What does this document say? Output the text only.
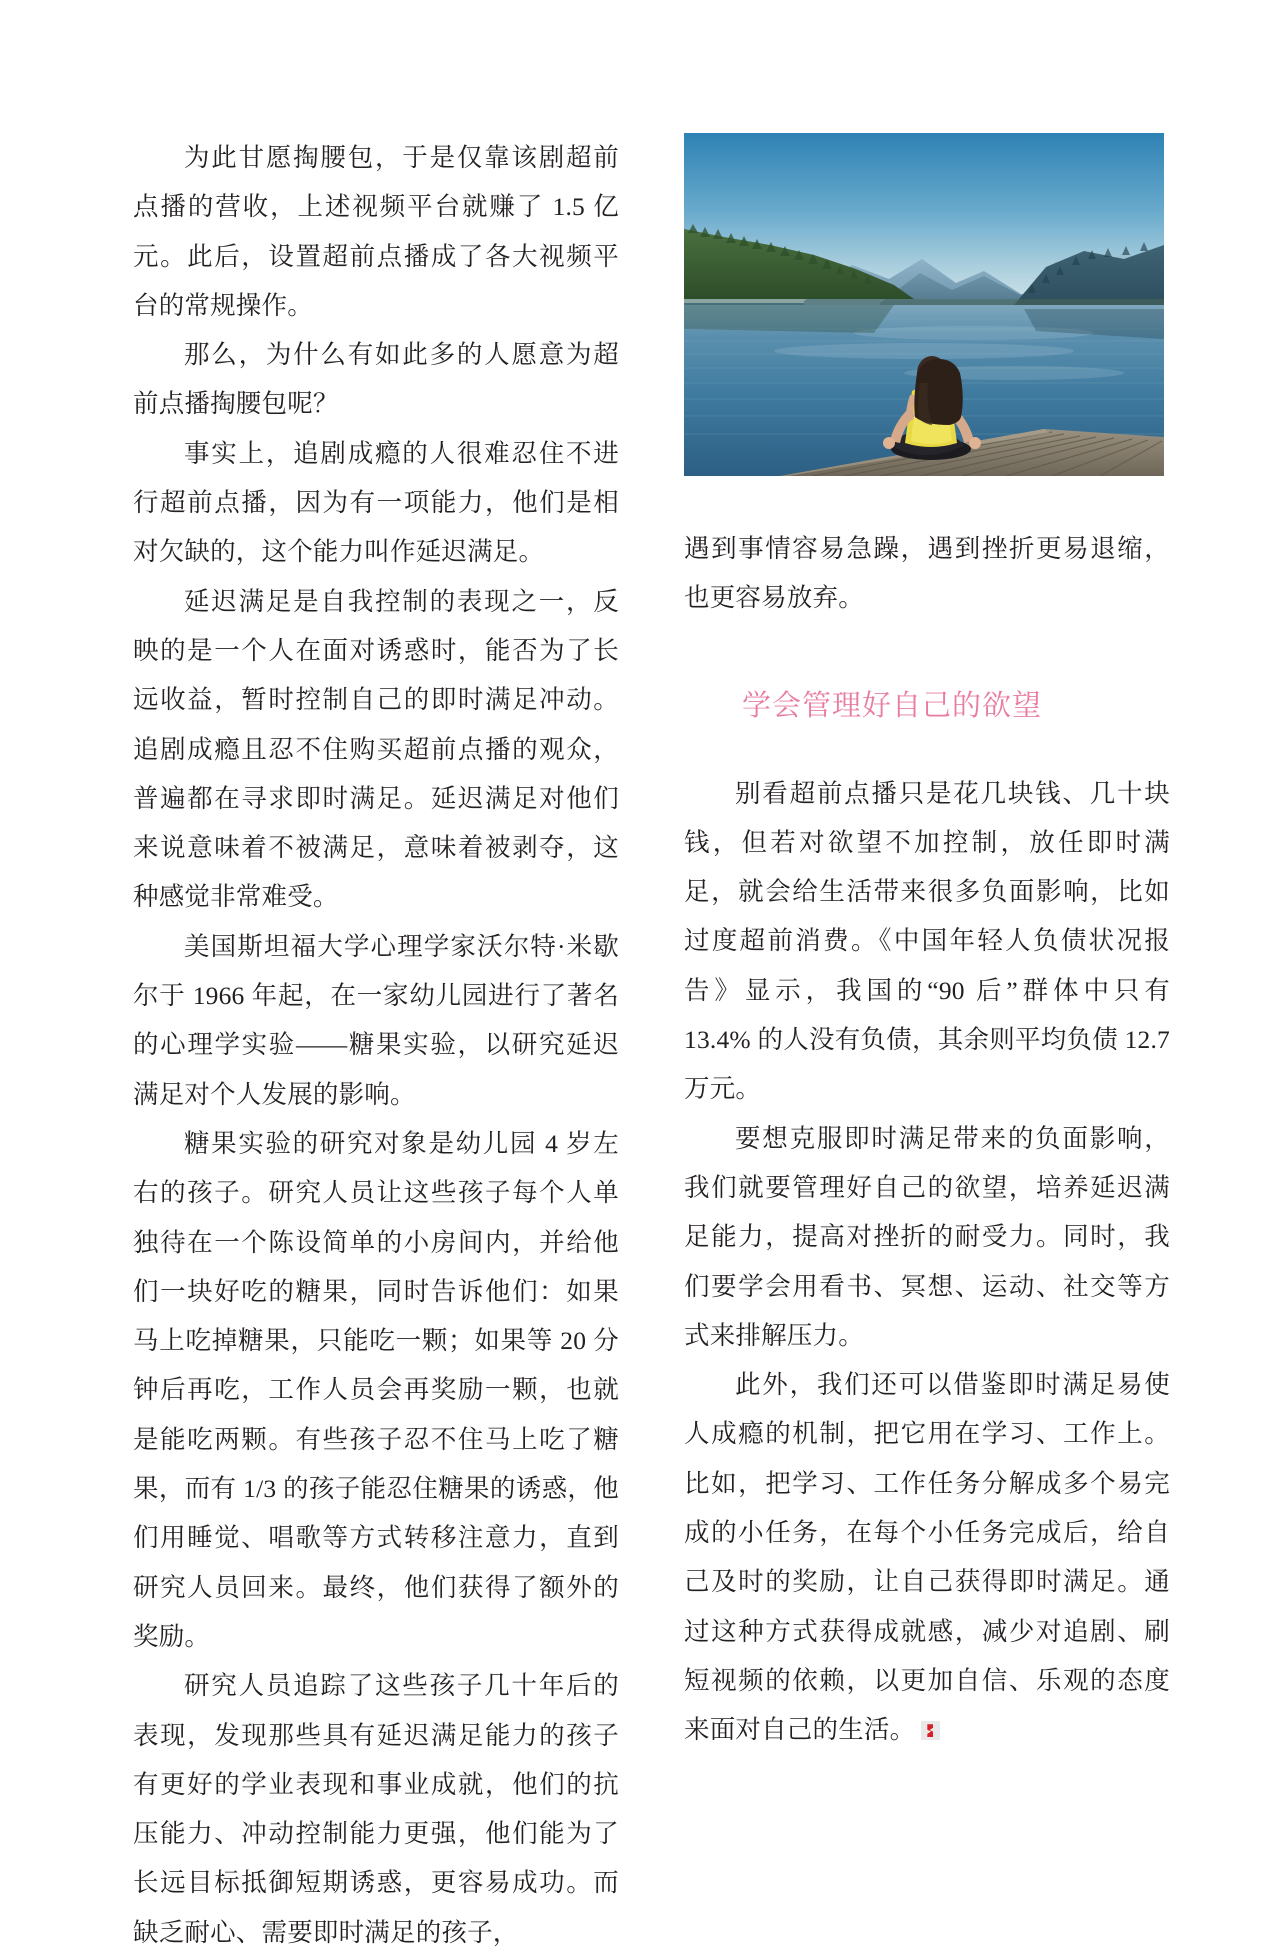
为此甘愿掏腰包，于是仅靠该剧超前点播的营收，上述视频平台就赚了 1.5 亿元。此后，设置超前点播成了各大视频平台的常规操作。

那么，为什么有如此多的人愿意为超前点播掏腰包呢？

事实上，追剧成瘾的人很难忍住不进行超前点播，因为有一项能力，他们是相对欠缺的，这个能力叫作延迟满足。

延迟满足是自我控制的表现之一，反映的是一个人在面对诱惑时，能否为了长远收益，暂时控制自己的即时满足冲动。追剧成瘾且忍不住购买超前点播的观众，普遍都在寻求即时满足。延迟满足对他们来说意味着不被满足，意味着被剥夺，这种感觉非常难受。

美国斯坦福大学心理学家沃尔特·米歇尔于 1966 年起，在一家幼儿园进行了著名的心理学实验——糖果实验，以研究延迟满足对个人发展的影响。

糖果实验的研究对象是幼儿园 4 岁左右的孩子。研究人员让这些孩子每个人单独待在一个陈设简单的小房间内，并给他们一块好吃的糖果，同时告诉他们：如果马上吃掉糖果，只能吃一颗；如果等 20 分钟后再吃，工作人员会再奖励一颗，也就是能吃两颗。有些孩子忍不住马上吃了糖果，而有 1/3 的孩子能忍住糖果的诱惑，他们用睡觉、唱歌等方式转移注意力，直到研究人员回来。最终，他们获得了额外的奖励。

研究人员追踪了这些孩子几十年后的表现，发现那些具有延迟满足能力的孩子有更好的学业表现和事业成就，他们的抗压能力、冲动控制能力更强，他们能为了长远目标抵御短期诱惑，更容易成功。而缺乏耐心、需要即时满足的孩子，

遇到事情容易急躁，遇到挫折更易退缩，也更容易放弃。

学会管理好自己的欲望

别看超前点播只是花几块钱、几十块钱，但若对欲望不加控制，放任即时满足，就会给生活带来很多负面影响，比如过度超前消费。《中国年轻人负债状况报告》显示，我国的“90 后”群体中只有 13.4% 的人没有负债，其余则平均负债 12.7 万元。

要想克服即时满足带来的负面影响，我们就要管理好自己的欲望，培养延迟满足能力，提高对挫折的耐受力。同时，我们要学会用看书、冥想、运动、社交等方式来排解压力。

此外，我们还可以借鉴即时满足易使人成瘾的机制，把它用在学习、工作上。比如，把学习、工作任务分解成多个易完成的小任务，在每个小任务完成后，给自己及时的奖励，让自己获得即时满足。通过这种方式获得成就感，减少对追剧、刷短视频的依赖，以更加自信、乐观的态度来面对自己的生活。
